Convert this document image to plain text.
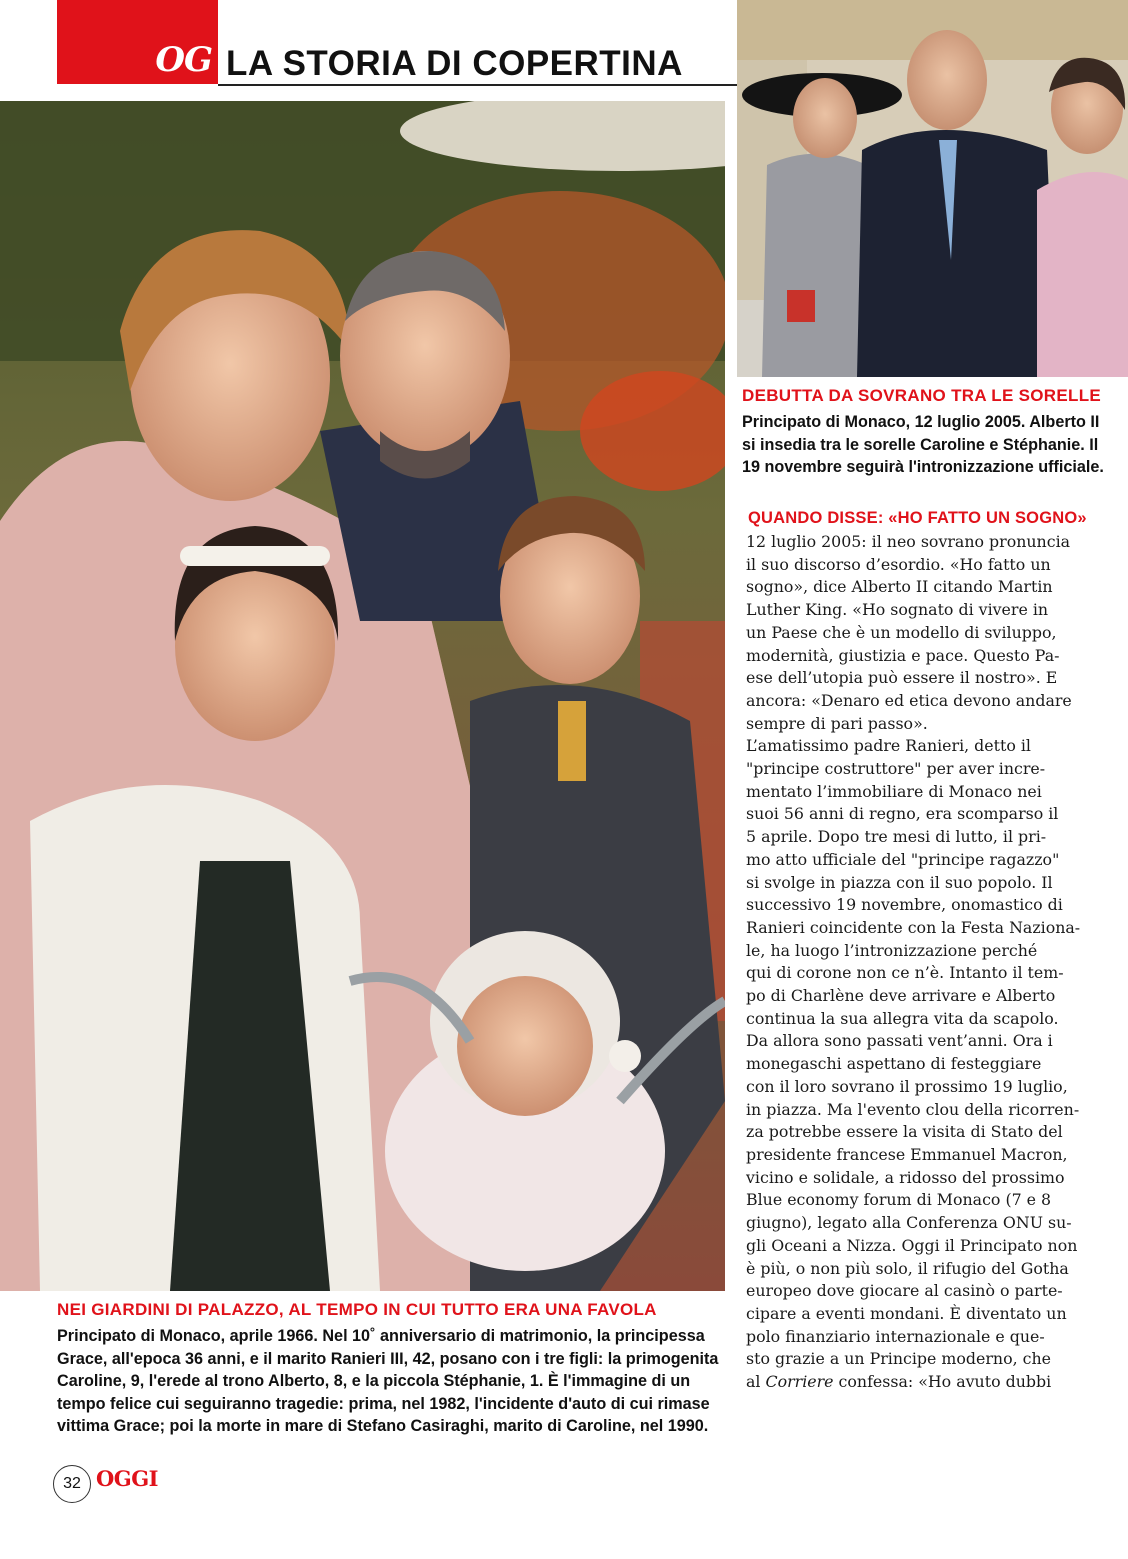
OG LA STORIA DI COPERTINA
DEBUTTA DA SOVRANO TRA LE SORELLE
Principato di Monaco, 12 luglio 2005. Alberto II
si insedia tra le sorelle Caroline e Stéphanie. Il
19 novembre seguirà l'intronizzazione ufficiale.
NEI GIARDINI DI PALAZZO, AL TEMPO IN CUI TUTTO ERA UNA FAVOLA
Principato di Monaco, aprile 1966. Nel 10˚ anniversario di matrimonio, la principessa
Grace, all'epoca 36 anni, e il marito Ranieri III, 42, posano con i tre figli: la primogenita
Caroline, 9, l'erede al trono Alberto, 8, e la piccola Stéphanie, 1. È l'immagine di un
tempo felice cui seguiranno tragedie: prima, nel 1982, l'incidente d'auto di cui rimase
vittima Grace; poi la morte in mare di Stefano Casiraghi, marito di Caroline, nel 1990.
QUANDO DISSE: «HO FATTO UN SOGNO»
12 luglio 2005: il neo sovrano pronuncia
il suo discorso d’esordio. «Ho fatto un
sogno», dice Alberto II citando Martin
Luther King. «Ho sognato di vivere in
un Paese che è un modello di sviluppo,
modernità, giustizia e pace. Questo Pa-
ese dell’utopia può essere il nostro». E
ancora: «Denaro ed etica devono andare
sempre di pari passo».
L’amatissimo padre Ranieri, detto il
"principe costruttore" per aver incre-
mentato l’immobiliare di Monaco nei
suoi 56 anni di regno, era scomparso il
5 aprile. Dopo tre mesi di lutto, il pri-
mo atto ufficiale del "principe ragazzo"
si svolge in piazza con il suo popolo. Il
successivo 19 novembre, onomastico di
Ranieri coincidente con la Festa Naziona-
le, ha luogo l’intronizzazione perché
qui di corone non ce n’è. Intanto il tem-
po di Charlène deve arrivare e Alberto
continua la sua allegra vita da scapolo.
Da allora sono passati vent’anni. Ora i
monegaschi aspettano di festeggiare
con il loro sovrano il prossimo 19 luglio,
in piazza. Ma l'evento clou della ricorren-
za potrebbe essere la visita di Stato del
presidente francese Emmanuel Macron,
vicino e solidale, a ridosso del prossimo
Blue economy forum di Monaco (7 e 8
giugno), legato alla Conferenza ONU su-
gli Oceani a Nizza. Oggi il Principato non
è più, o non più solo, il rifugio del Gotha
europeo dove giocare al casinò o parte-
cipare a eventi mondani. È diventato un
polo finanziario internazionale e que-
sto grazie a un Principe moderno, che
al Corriere confessa: «Ho avuto dubbi
32 OGGI
